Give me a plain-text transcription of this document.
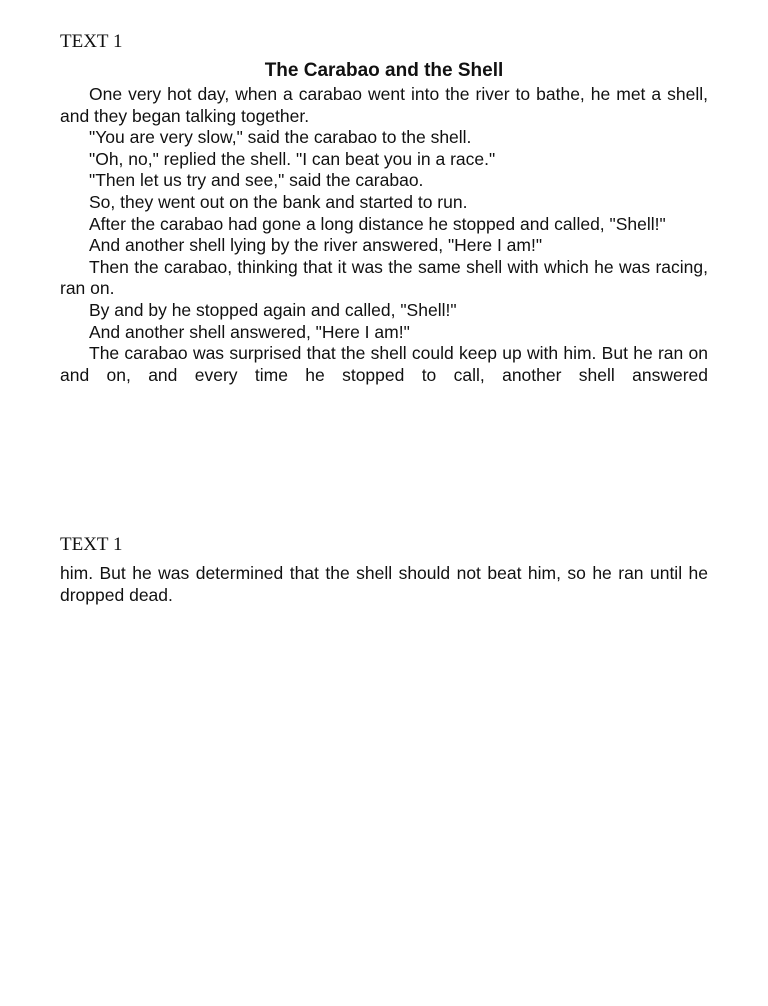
TEXT 1
The Carabao and the Shell

One very hot day, when a carabao went into the river to bathe, he met a shell, and they began talking together.

"You are very slow," said the carabao to the shell.

"Oh, no," replied the shell. "I can beat you in a race."

"Then let us try and see," said the carabao.

So, they went out on the bank and started to run.

After the carabao had gone a long distance he stopped and called, "Shell!"

And another shell lying by the river answered, "Here I am!"

Then the carabao, thinking that it was the same shell with which he was racing, ran on.

By and by he stopped again and called, "Shell!"

And another shell answered, "Here I am!"

The carabao was surprised that the shell could keep up with him. But he ran on and on, and every time he stopped to call, another shell answered

TEXT 1

him. But he was determined that the shell should not beat him, so he ran until he dropped dead.
